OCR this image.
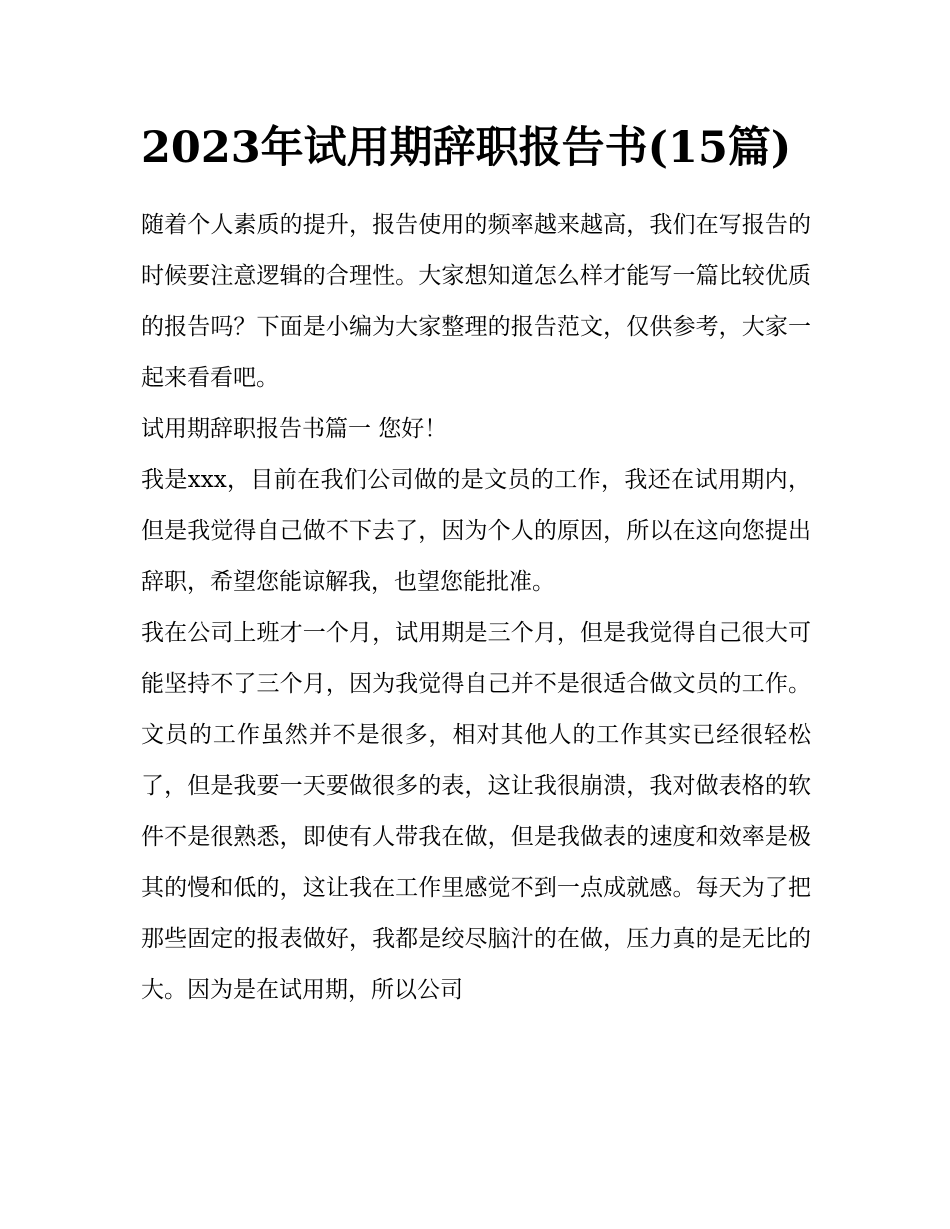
2023年试用期辞职报告书(15篇)

随着个人素质的提升，报告使用的频率越来越高，我们在写报告的时候要注意逻辑的合理性。大家想知道怎么样才能写一篇比较优质的报告吗？下面是小编为大家整理的报告范文，仅供参考，大家一起来看看吧。

试用期辞职报告书篇一 您好！

我是xxx，目前在我们公司做的是文员的工作，我还在试用期内，但是我觉得自己做不下去了，因为个人的原因，所以在这向您提出辞职，希望您能谅解我，也望您能批准。

我在公司上班才一个月，试用期是三个月，但是我觉得自己很大可能坚持不了三个月，因为我觉得自己并不是很适合做文员的工作。文员的工作虽然并不是很多，相对其他人的工作其实已经很轻松了，但是我要一天要做很多的表，这让我很崩溃，我对做表格的软件不是很熟悉，即使有人带我在做，但是我做表的速度和效率是极其的慢和低的，这让我在工作里感觉不到一点成就感。每天为了把那些固定的报表做好，我都是绞尽脑汁的在做，压力真的是无比的大。因为是在试用期，所以公司
